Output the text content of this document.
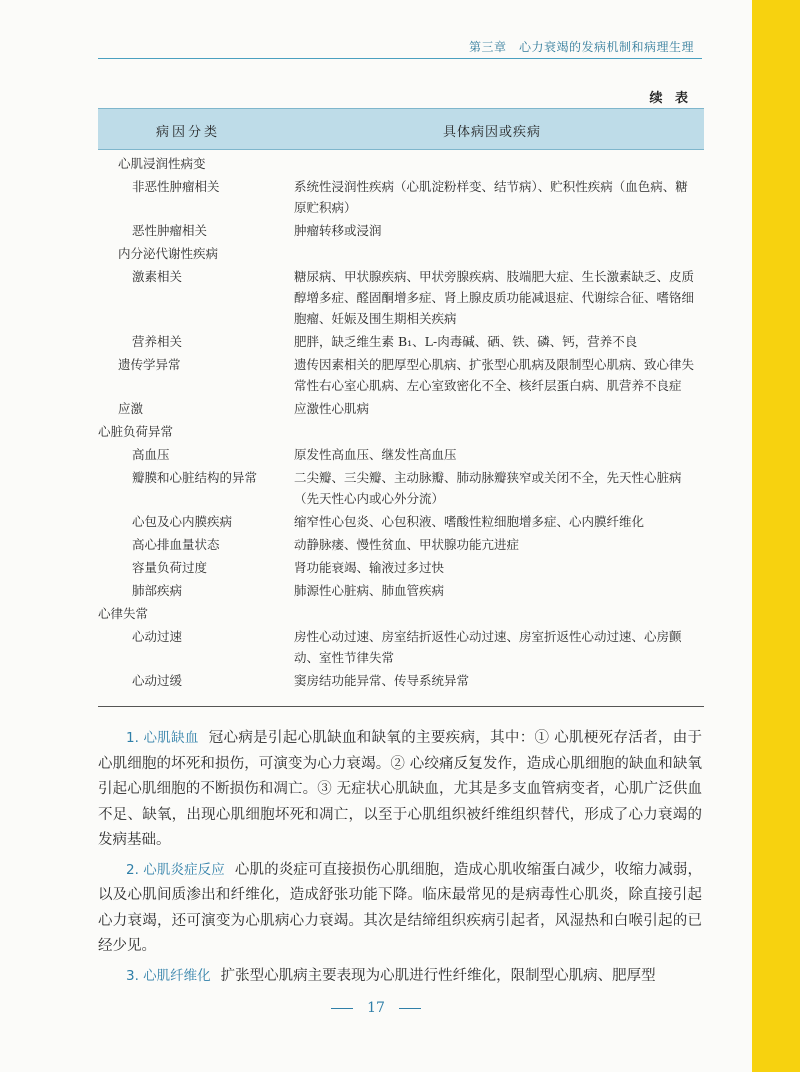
第三章　心力衰竭的发病机制和病理生理
续 表
病因分类	具体病因或疾病
心肌浸润性病变
非恶性肿瘤相关	系统性浸润性疾病（心肌淀粉样变、结节病）、贮积性疾病（血色病、糖原贮积病）
恶性肿瘤相关	肿瘤转移或浸润
内分泌代谢性疾病
激素相关	糖尿病、甲状腺疾病、甲状旁腺疾病、肢端肥大症、生长激素缺乏、皮质醇增多症、醛固酮增多症、肾上腺皮质功能减退症、代谢综合征、嗜铬细胞瘤、妊娠及围生期相关疾病
营养相关	肥胖，缺乏维生素 B₁、L-肉毒碱、硒、铁、磷、钙，营养不良
遗传学异常	遗传因素相关的肥厚型心肌病、扩张型心肌病及限制型心肌病、致心律失常性右心室心肌病、左心室致密化不全、核纤层蛋白病、肌营养不良症
应激	应激性心肌病
心脏负荷异常
高血压	原发性高血压、继发性高血压
瓣膜和心脏结构的异常	二尖瓣、三尖瓣、主动脉瓣、肺动脉瓣狭窄或关闭不全，先天性心脏病（先天性心内或心外分流）
心包及心内膜疾病	缩窄性心包炎、心包积液、嗜酸性粒细胞增多症、心内膜纤维化
高心排血量状态	动静脉瘘、慢性贫血、甲状腺功能亢进症
容量负荷过度	肾功能衰竭、输液过多过快
肺部疾病	肺源性心脏病、肺血管疾病
心律失常
心动过速	房性心动过速、房室结折返性心动过速、房室折返性心动过速、心房颤动、室性节律失常
心动过缓	窦房结功能异常、传导系统异常

1. 心肌缺血 冠心病是引起心肌缺血和缺氧的主要疾病，其中：① 心肌梗死存活者，由于心肌细胞的坏死和损伤，可演变为心力衰竭。② 心绞痛反复发作，造成心肌细胞的缺血和缺氧引起心肌细胞的不断损伤和凋亡。③ 无症状心肌缺血，尤其是多支血管病变者，心肌广泛供血不足、缺氧，出现心肌细胞坏死和凋亡，以至于心肌组织被纤维组织替代，形成了心力衰竭的发病基础。

2. 心肌炎症反应 心肌的炎症可直接损伤心肌细胞，造成心肌收缩蛋白减少，收缩力减弱，以及心肌间质渗出和纤维化，造成舒张功能下降。临床最常见的是病毒性心肌炎，除直接引起心力衰竭，还可演变为心肌病心力衰竭。其次是结缔组织疾病引起者，风湿热和白喉引起的已经少见。

3. 心肌纤维化 扩张型心肌病主要表现为心肌进行性纤维化，限制型心肌病、肥厚型

17
